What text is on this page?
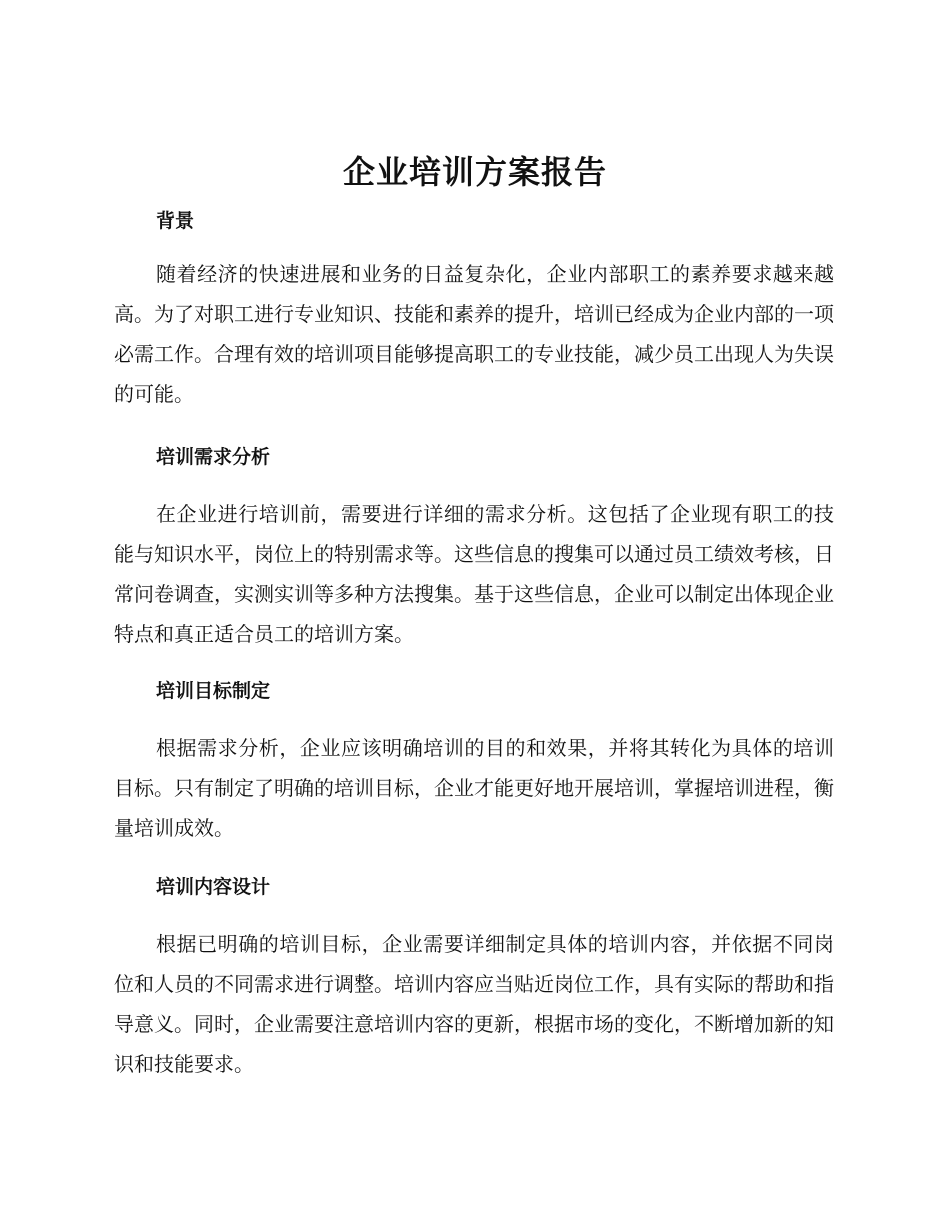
企业培训方案报告
背景

随着经济的快速进展和业务的日益复杂化，企业内部职工的素养要求越来越高。为了对职工进行专业知识、技能和素养的提升，培训已经成为企业内部的一项必需工作。合理有效的培训项目能够提高职工的专业技能，减少员工出现人为失误的可能。

培训需求分析

在企业进行培训前，需要进行详细的需求分析。这包括了企业现有职工的技能与知识水平，岗位上的特别需求等。这些信息的搜集可以通过员工绩效考核，日常问卷调查，实测实训等多种方法搜集。基于这些信息，企业可以制定出体现企业特点和真正适合员工的培训方案。

培训目标制定

根据需求分析，企业应该明确培训的目的和效果，并将其转化为具体的培训目标。只有制定了明确的培训目标，企业才能更好地开展培训，掌握培训进程，衡量培训成效。

培训内容设计

根据已明确的培训目标，企业需要详细制定具体的培训内容，并依据不同岗位和人员的不同需求进行调整。培训内容应当贴近岗位工作，具有实际的帮助和指导意义。同时，企业需要注意培训内容的更新，根据市场的变化，不断增加新的知识和技能要求。
